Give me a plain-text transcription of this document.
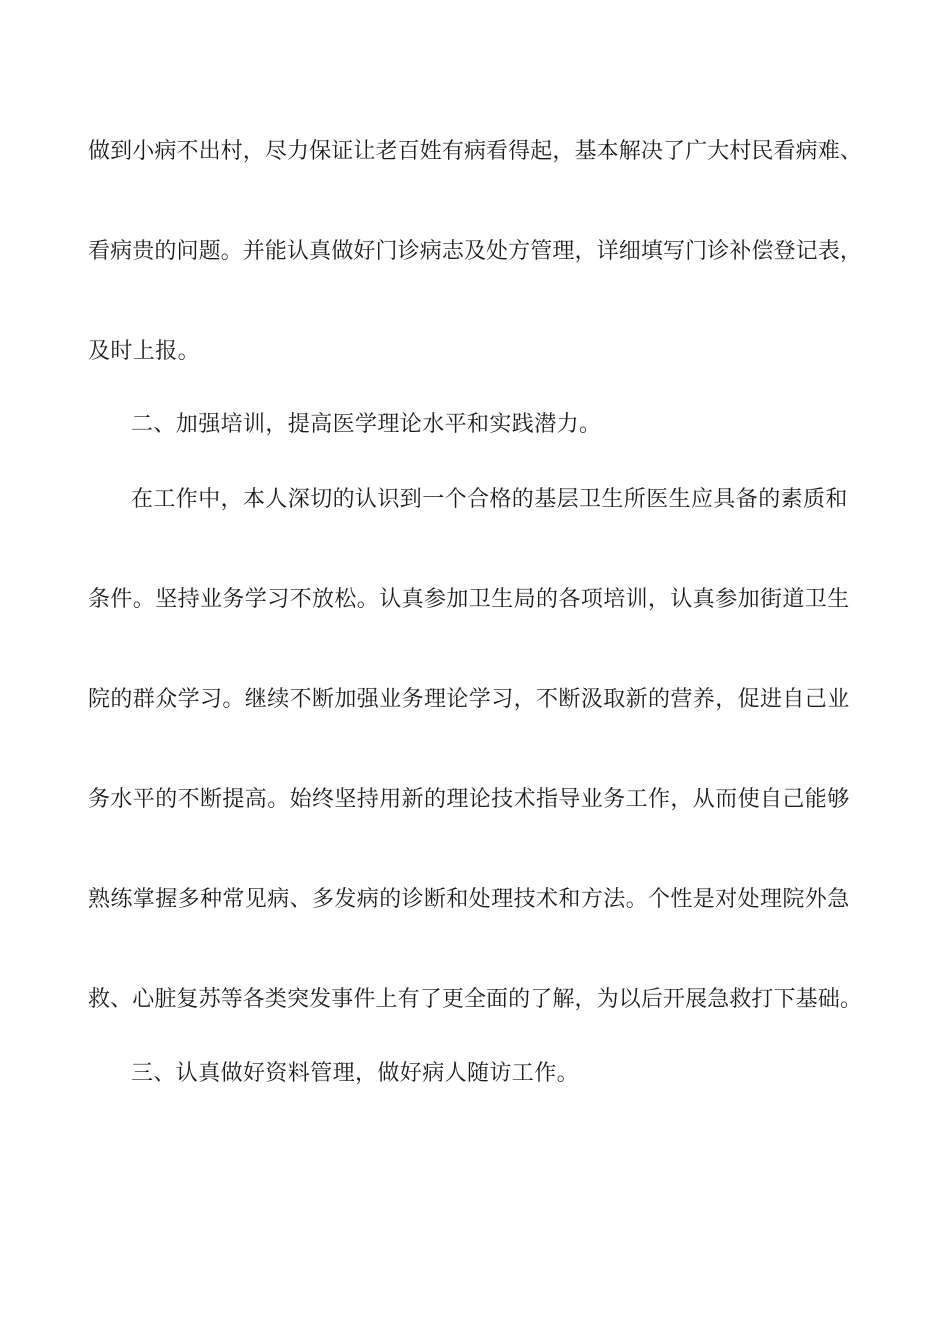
做到小病不出村，尽力保证让老百姓有病看得起，基本解决了广大村民看病难、
看病贵的问题。并能认真做好门诊病志及处方管理，详细填写门诊补偿登记表，
及时上报。
二、加强培训，提高医学理论水平和实践潜力。
在工作中，本人深切的认识到一个合格的基层卫生所医生应具备的素质和
条件。坚持业务学习不放松。认真参加卫生局的各项培训，认真参加街道卫生
院的群众学习。继续不断加强业务理论学习，不断汲取新的营养，促进自己业
务水平的不断提高。始终坚持用新的理论技术指导业务工作，从而使自己能够
熟练掌握多种常见病、多发病的诊断和处理技术和方法。个性是对处理院外急
救、心脏复苏等各类突发事件上有了更全面的了解，为以后开展急救打下基础。
三、认真做好资料管理，做好病人随访工作。
